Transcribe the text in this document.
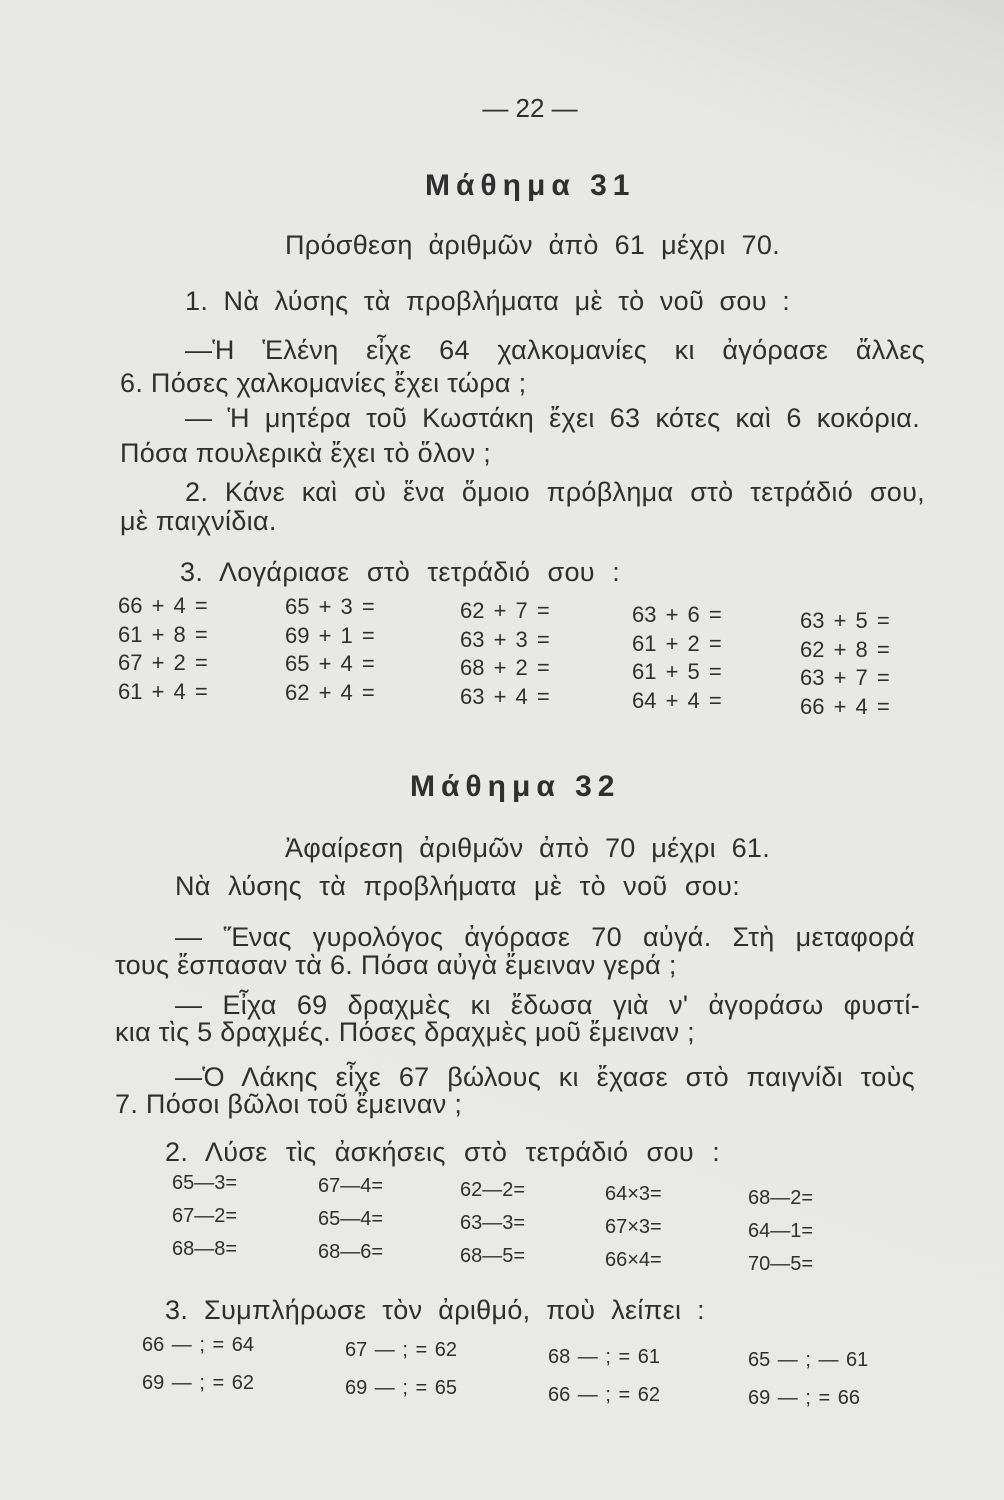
— 22 —
Μάθημα 31
Πρόσθεση ἀριθμῶν ἀπὸ 61 μέχρι 70.
1. Νὰ λύσης τὰ προβλήματα μὲ τὸ νοῦ σου :
—Ἡ Ἑλένη εἶχε 64 χαλκομανίες κι ἀγόρασε ἄλλες
6. Πόσες χαλκομανίες ἔχει τώρα ;
— Ἡ μητέρα τοῦ Κωστάκη ἔχει 63 κότες καὶ 6 κοκόρια.
Πόσα πουλερικὰ ἔχει τὸ ὅλον ;
2. Κάνε καὶ σὺ ἕνα ὅμοιο πρόβλημα στὸ τετράδιό σου,
μὲ παιχνίδια.
3. Λογάριασε στὸ τετράδιό σου :
66 + 4 =
61 + 8 =
67 + 2 =
61 + 4 =
65 + 3 =
69 + 1 =
65 + 4 =
62 + 4 =
62 + 7 =
63 + 3 =
68 + 2 =
63 + 4 =
63 + 6 =
61 + 2 =
61 + 5 =
64 + 4 =
63 + 5 =
62 + 8 =
63 + 7 =
66 + 4 =
Μάθημα 32
Ἀφαίρεση ἀριθμῶν ἀπὸ 70 μέχρι 61.
Νὰ λύσης τὰ προβλήματα μὲ τὸ νοῦ σου:
— Ἕνας γυρολόγος ἀγόρασε 70 αὐγά. Στὴ μεταφορά
τους ἔσπασαν τὰ 6. Πόσα αὐγὰ ἔμειναν γερά ;
— Εἶχα 69 δραχμὲς κι ἔδωσα γιὰ ν' ἀγοράσω φυστί-
κια τὶς 5 δραχμές. Πόσες δραχμὲς μοῦ ἔμειναν ;
—Ὁ Λάκης εἶχε 67 βώλους κι ἔχασε στὸ παιγνίδι τοὺς
7. Πόσοι βῶλοι τοῦ ἔμειναν ;
2. Λύσε τὶς ἀσκήσεις στὸ τετράδιό σου :
65—3=
67—2=
68—8=
67—4=
65—4=
68—6=
62—2=
63—3=
68—5=
64×3=
67×3=
66×4=
68—2=
64—1=
70—5=
3. Συμπλήρωσε τὸν ἀριθμό, ποὺ λείπει :
66 — ; = 64
69 — ; = 62
67 — ; = 62
69 — ; = 65
68 — ; = 61
66 — ; = 62
65 — ; — 61
69 — ; = 66
